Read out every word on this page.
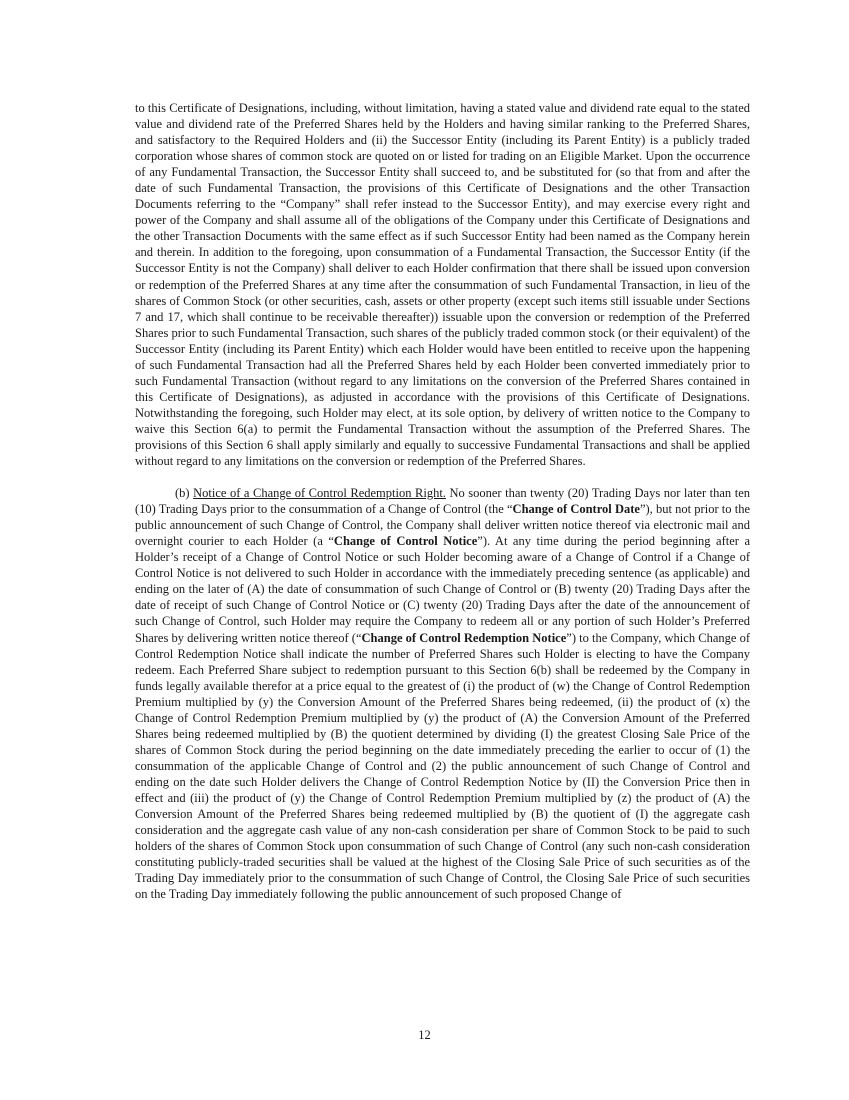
to this Certificate of Designations, including, without limitation, having a stated value and dividend rate equal to the stated value and dividend rate of the Preferred Shares held by the Holders and having similar ranking to the Preferred Shares, and satisfactory to the Required Holders and (ii) the Successor Entity (including its Parent Entity) is a publicly traded corporation whose shares of common stock are quoted on or listed for trading on an Eligible Market. Upon the occurrence of any Fundamental Transaction, the Successor Entity shall succeed to, and be substituted for (so that from and after the date of such Fundamental Transaction, the provisions of this Certificate of Designations and the other Transaction Documents referring to the “Company” shall refer instead to the Successor Entity), and may exercise every right and power of the Company and shall assume all of the obligations of the Company under this Certificate of Designations and the other Transaction Documents with the same effect as if such Successor Entity had been named as the Company herein and therein. In addition to the foregoing, upon consummation of a Fundamental Transaction, the Successor Entity (if the Successor Entity is not the Company) shall deliver to each Holder confirmation that there shall be issued upon conversion or redemption of the Preferred Shares at any time after the consummation of such Fundamental Transaction, in lieu of the shares of Common Stock (or other securities, cash, assets or other property (except such items still issuable under Sections 7 and 17, which shall continue to be receivable thereafter)) issuable upon the conversion or redemption of the Preferred Shares prior to such Fundamental Transaction, such shares of the publicly traded common stock (or their equivalent) of the Successor Entity (including its Parent Entity) which each Holder would have been entitled to receive upon the happening of such Fundamental Transaction had all the Preferred Shares held by each Holder been converted immediately prior to such Fundamental Transaction (without regard to any limitations on the conversion of the Preferred Shares contained in this Certificate of Designations), as adjusted in accordance with the provisions of this Certificate of Designations. Notwithstanding the foregoing, such Holder may elect, at its sole option, by delivery of written notice to the Company to waive this Section 6(a) to permit the Fundamental Transaction without the assumption of the Preferred Shares. The provisions of this Section 6 shall apply similarly and equally to successive Fundamental Transactions and shall be applied without regard to any limitations on the conversion or redemption of the Preferred Shares.

(b) Notice of a Change of Control Redemption Right. No sooner than twenty (20) Trading Days nor later than ten (10) Trading Days prior to the consummation of a Change of Control (the “Change of Control Date”), but not prior to the public announcement of such Change of Control, the Company shall deliver written notice thereof via electronic mail and overnight courier to each Holder (a “Change of Control Notice”). At any time during the period beginning after a Holder’s receipt of a Change of Control Notice or such Holder becoming aware of a Change of Control if a Change of Control Notice is not delivered to such Holder in accordance with the immediately preceding sentence (as applicable) and ending on the later of (A) the date of consummation of such Change of Control or (B) twenty (20) Trading Days after the date of receipt of such Change of Control Notice or (C) twenty (20) Trading Days after the date of the announcement of such Change of Control, such Holder may require the Company to redeem all or any portion of such Holder’s Preferred Shares by delivering written notice thereof (“Change of Control Redemption Notice”) to the Company, which Change of Control Redemption Notice shall indicate the number of Preferred Shares such Holder is electing to have the Company redeem. Each Preferred Share subject to redemption pursuant to this Section 6(b) shall be redeemed by the Company in funds legally available therefor at a price equal to the greatest of (i) the product of (w) the Change of Control Redemption Premium multiplied by (y) the Conversion Amount of the Preferred Shares being redeemed, (ii) the product of (x) the Change of Control Redemption Premium multiplied by (y) the product of (A) the Conversion Amount of the Preferred Shares being redeemed multiplied by (B) the quotient determined by dividing (I) the greatest Closing Sale Price of the shares of Common Stock during the period beginning on the date immediately preceding the earlier to occur of (1) the consummation of the applicable Change of Control and (2) the public announcement of such Change of Control and ending on the date such Holder delivers the Change of Control Redemption Notice by (II) the Conversion Price then in effect and (iii) the product of (y) the Change of Control Redemption Premium multiplied by (z) the product of (A) the Conversion Amount of the Preferred Shares being redeemed multiplied by (B) the quotient of (I) the aggregate cash consideration and the aggregate cash value of any non-cash consideration per share of Common Stock to be paid to such holders of the shares of Common Stock upon consummation of such Change of Control (any such non-cash consideration constituting publicly-traded securities shall be valued at the highest of the Closing Sale Price of such securities as of the Trading Day immediately prior to the consummation of such Change of Control, the Closing Sale Price of such securities on the Trading Day immediately following the public announcement of such proposed Change of

12
